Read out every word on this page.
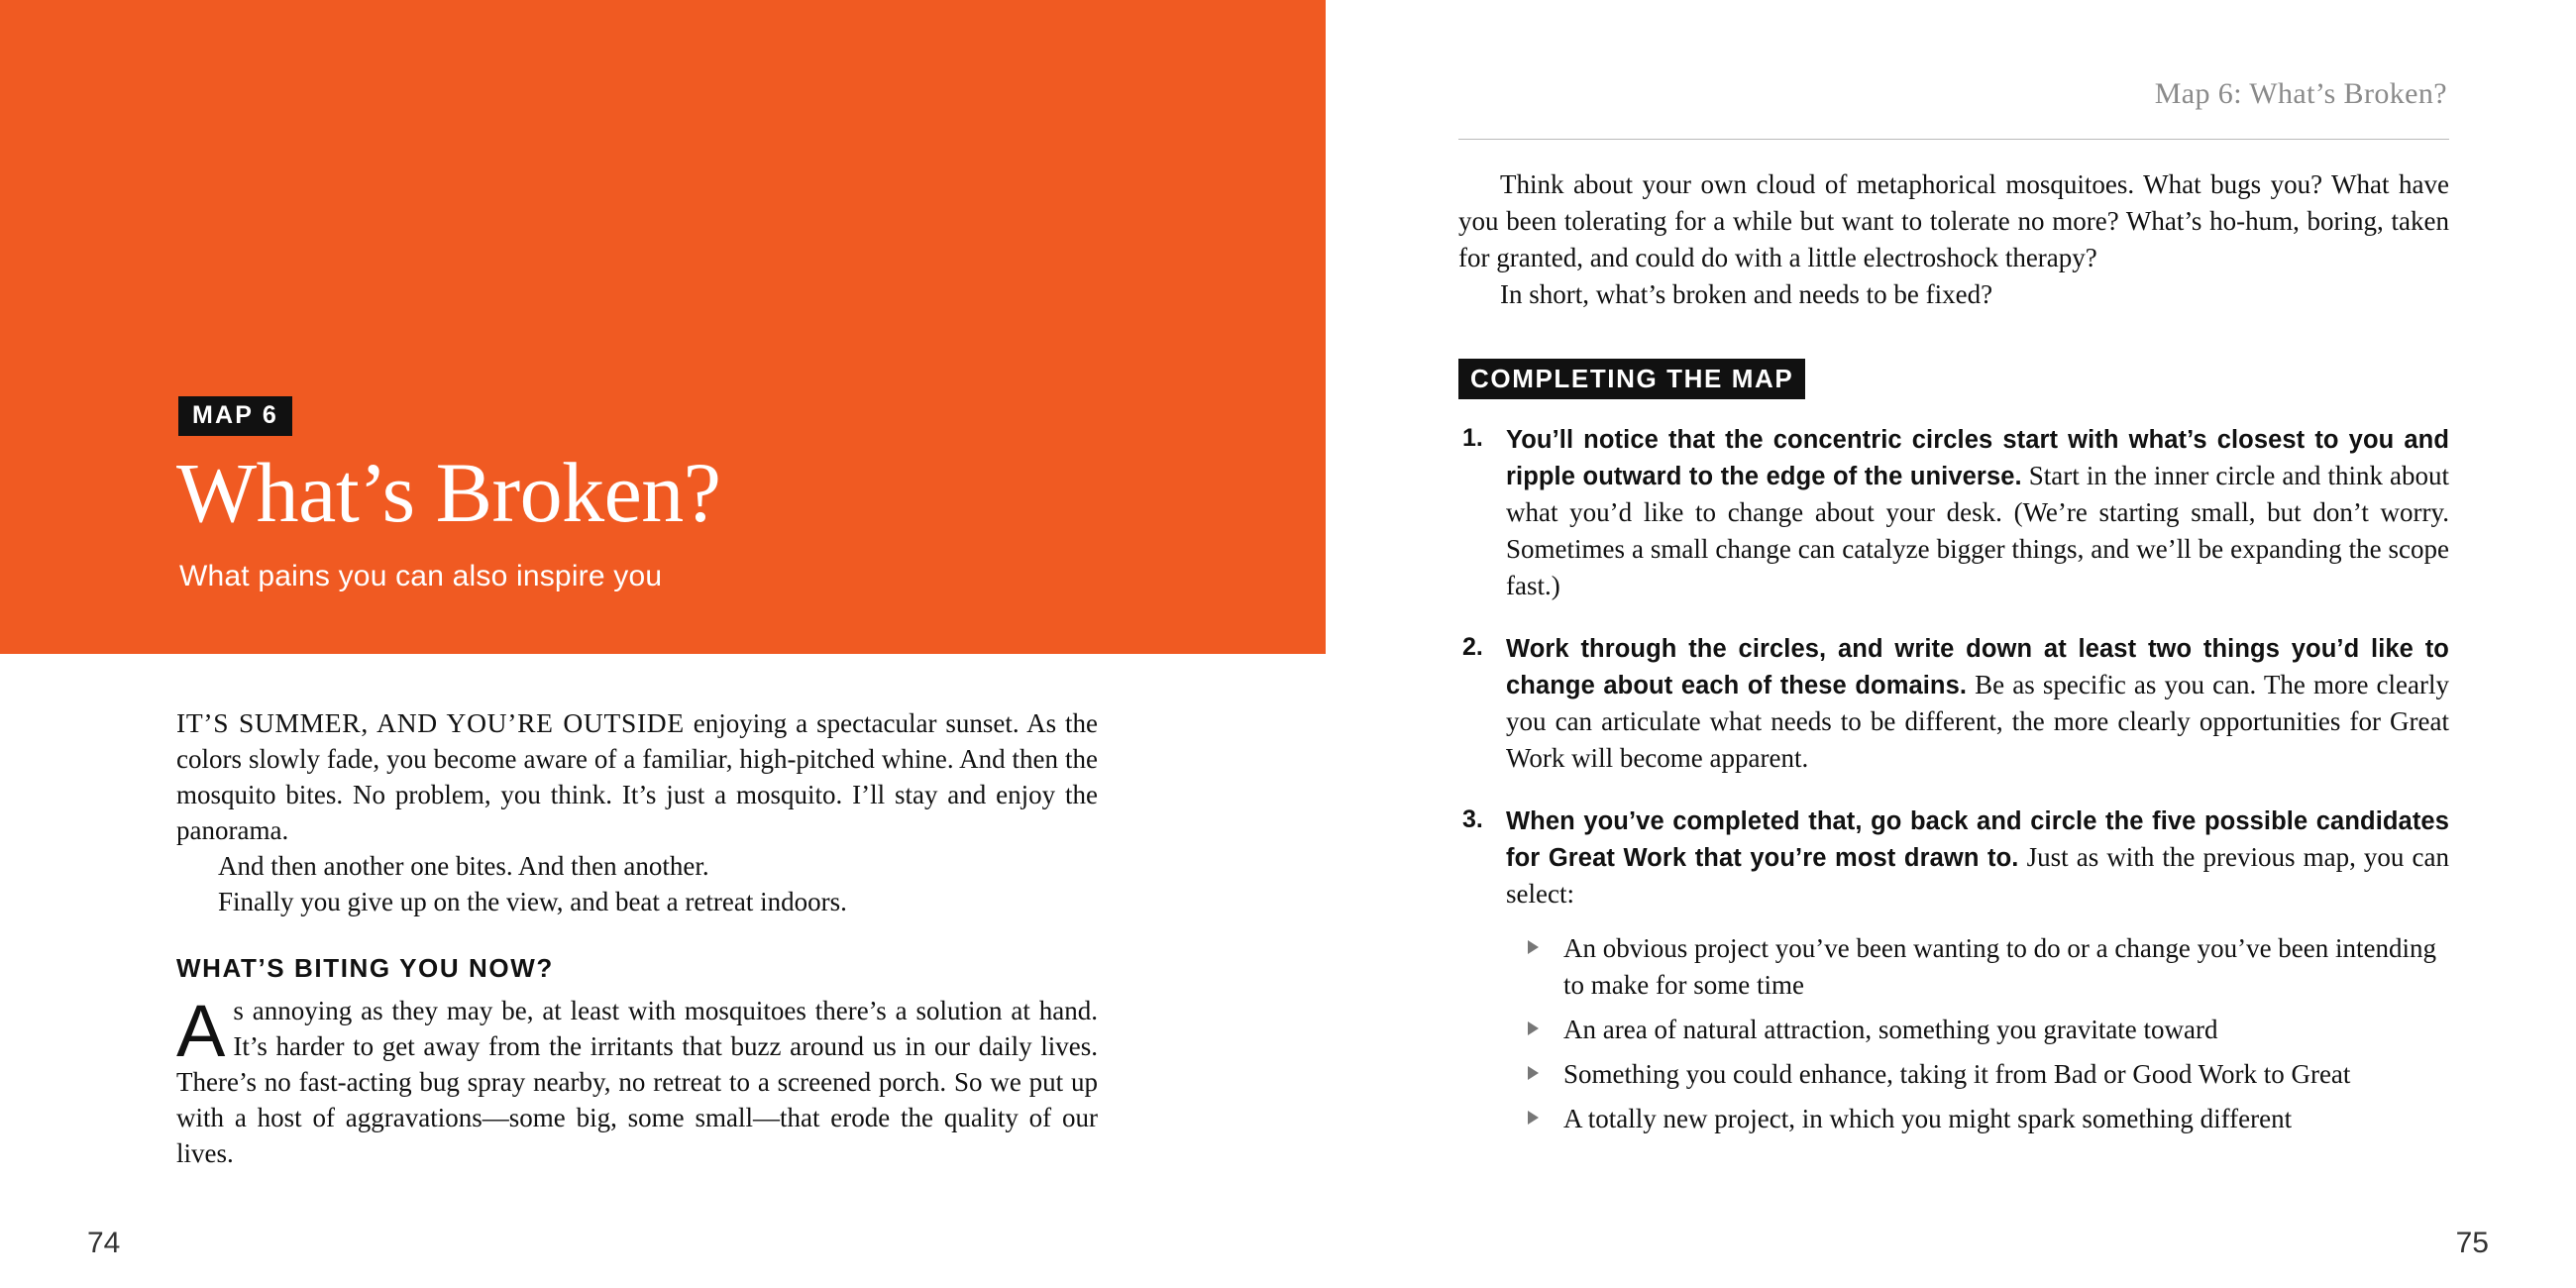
MAP 6
What’s Broken?
What pains you can also inspire you

IT’S SUMMER, AND YOU’RE OUTSIDE enjoying a spectacular sunset. As the colors slowly fade, you become aware of a familiar, high-pitched whine. And then the mosquito bites. No problem, you think. It’s just a mosquito. I’ll stay and enjoy the panorama.

And then another one bites. And then another.

Finally you give up on the view, and beat a retreat indoors.

WHAT’S BITING YOU NOW?

As annoying as they may be, at least with mosquitoes there’s a solution at hand. It’s harder to get away from the irritants that buzz around us in our daily lives. There’s no fast-acting bug spray nearby, no retreat to a screened porch. So we put up with a host of aggravations—some big, some small—that erode the quality of our lives.

74
Map 6: What’s Broken?

Think about your own cloud of metaphorical mosquitoes. What bugs you? What have you been tolerating for a while but want to tolerate no more? What’s ho-hum, boring, taken for granted, and could do with a little electroshock therapy?

In short, what’s broken and needs to be fixed?

COMPLETING THE MAP
1. You’ll notice that the concentric circles start with what’s closest to you and ripple outward to the edge of the universe. Start in the inner circle and think about what you’d like to change about your desk. (We’re starting small, but don’t worry. Sometimes a small change can catalyze bigger things, and we’ll be expanding the scope fast.)
2. Work through the circles, and write down at least two things you’d like to change about each of these domains. Be as specific as you can. The more clearly you can articulate what needs to be different, the more clearly opportunities for Great Work will become apparent.
3. When you’ve completed that, go back and circle the five possible candidates for Great Work that you’re most drawn to. Just as with the previous map, you can select:
An obvious project you’ve been wanting to do or a change you’ve been intending to make for some time
An area of natural attraction, something you gravitate toward
Something you could enhance, taking it from Bad or Good Work to Great
A totally new project, in which you might spark something different
75
